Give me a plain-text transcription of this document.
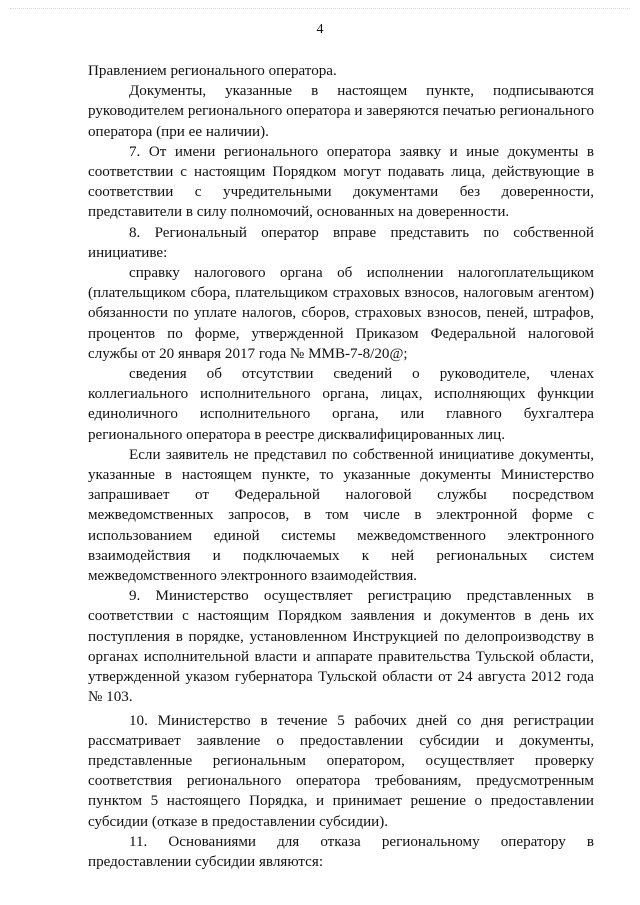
4

Правлением регионального оператора.

Документы, указанные в настоящем пункте, подписываются руководителем регионального оператора и заверяются печатью регионального оператора (при ее наличии).

7. От имени регионального оператора заявку и иные документы в соответствии с настоящим Порядком могут подавать лица, действующие в соответствии с учредительными документами без доверенности, представители в силу полномочий, основанных на доверенности.

8. Региональный оператор вправе представить по собственной инициативе:

справку налогового органа об исполнении налогоплательщиком (плательщиком сбора, плательщиком страховых взносов, налоговым агентом) обязанности по уплате налогов, сборов, страховых взносов, пеней, штрафов, процентов по форме, утвержденной Приказом Федеральной налоговой службы от 20 января 2017 года № ММВ-7-8/20@;

сведения об отсутствии сведений о руководителе, членах коллегиального исполнительного органа, лицах, исполняющих функции единоличного исполнительного органа, или главного бухгалтера регионального оператора в реестре дисквалифицированных лиц.

Если заявитель не представил по собственной инициативе документы, указанные в настоящем пункте, то указанные документы Министерство запрашивает от Федеральной налоговой службы посредством межведомственных запросов, в том числе в электронной форме с использованием единой системы межведомственного электронного взаимодействия и подключаемых к ней региональных систем межведомственного электронного взаимодействия.

9. Министерство осуществляет регистрацию представленных в соответствии с настоящим Порядком заявления и документов в день их поступления в порядке, установленном Инструкцией по делопроизводству в органах исполнительной власти и аппарате правительства Тульской области, утвержденной указом губернатора Тульской области от 24 августа 2012 года № 103.

10. Министерство в течение 5 рабочих дней со дня регистрации рассматривает заявление о предоставлении субсидии и документы, представленные региональным оператором, осуществляет проверку соответствия регионального оператора требованиям, предусмотренным пунктом 5 настоящего Порядка, и принимает решение о предоставлении субсидии (отказе в предоставлении субсидии).

11. Основаниями для отказа региональному оператору в предоставлении субсидии являются:
